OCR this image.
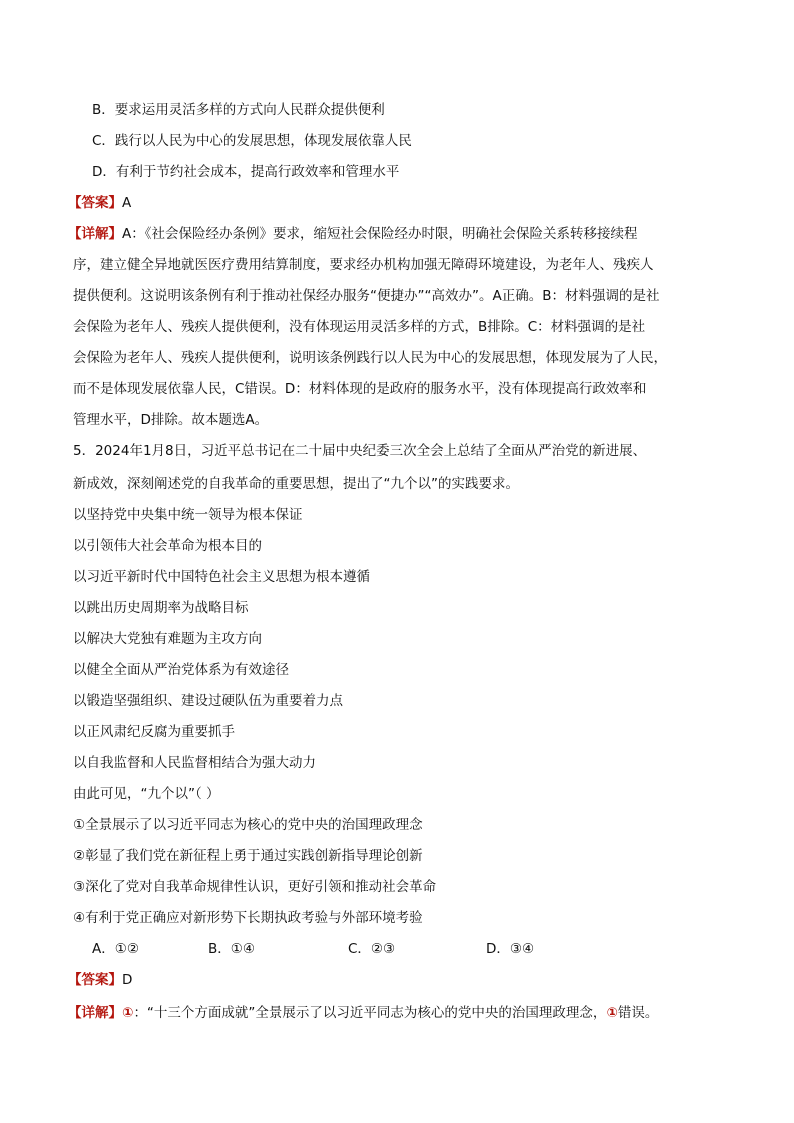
B．要求运用灵活多样的方式向人民群众提供便利
C．践行以人民为中心的发展思想，体现发展依靠人民
D．有利于节约社会成本，提高行政效率和管理水平
【答案】A
【详解】A：《社会保险经办条例》要求，缩短社会保险经办时限，明确社会保险关系转移接续程
序，建立健全异地就医医疗费用结算制度，要求经办机构加强无障碍环境建设，为老年人、残疾人
提供便利。这说明该条例有利于推动社保经办服务“便捷办”“高效办”。A正确。B：材料强调的是社
会保险为老年人、残疾人提供便利，没有体现运用灵活多样的方式，B排除。C：材料强调的是社
会保险为老年人、残疾人提供便利，说明该条例践行以人民为中心的发展思想，体现发展为了人民，
而不是体现发展依靠人民，C错误。D：材料体现的是政府的服务水平，没有体现提高行政效率和
管理水平，D排除。故本题选A。
5．2024年1月8日，习近平总书记在二十届中央纪委三次全会上总结了全面从严治党的新进展、
新成效，深刻阐述党的自我革命的重要思想，提出了“九个以”的实践要求。
以坚持党中央集中统一领导为根本保证
以引领伟大社会革命为根本目的
以习近平新时代中国特色社会主义思想为根本遵循
以跳出历史周期率为战略目标
以解决大党独有难题为主攻方向
以健全全面从严治党体系为有效途径
以锻造坚强组织、建设过硬队伍为重要着力点
以正风肃纪反腐为重要抓手
以自我监督和人民监督相结合为强大动力
由此可见，“九个以”（ ）
①全景展示了以习近平同志为核心的党中央的治国理政理念
②彰显了我们党在新征程上勇于通过实践创新指导理论创新
③深化了党对自我革命规律性认识，更好引领和推动社会革命
④有利于党正确应对新形势下长期执政考验与外部环境考验
A．①②	B．①④	C．②③	D．③④
【答案】D
【详解】①：“十三个方面成就”全景展示了以习近平同志为核心的党中央的治国理政理念，①错误。
